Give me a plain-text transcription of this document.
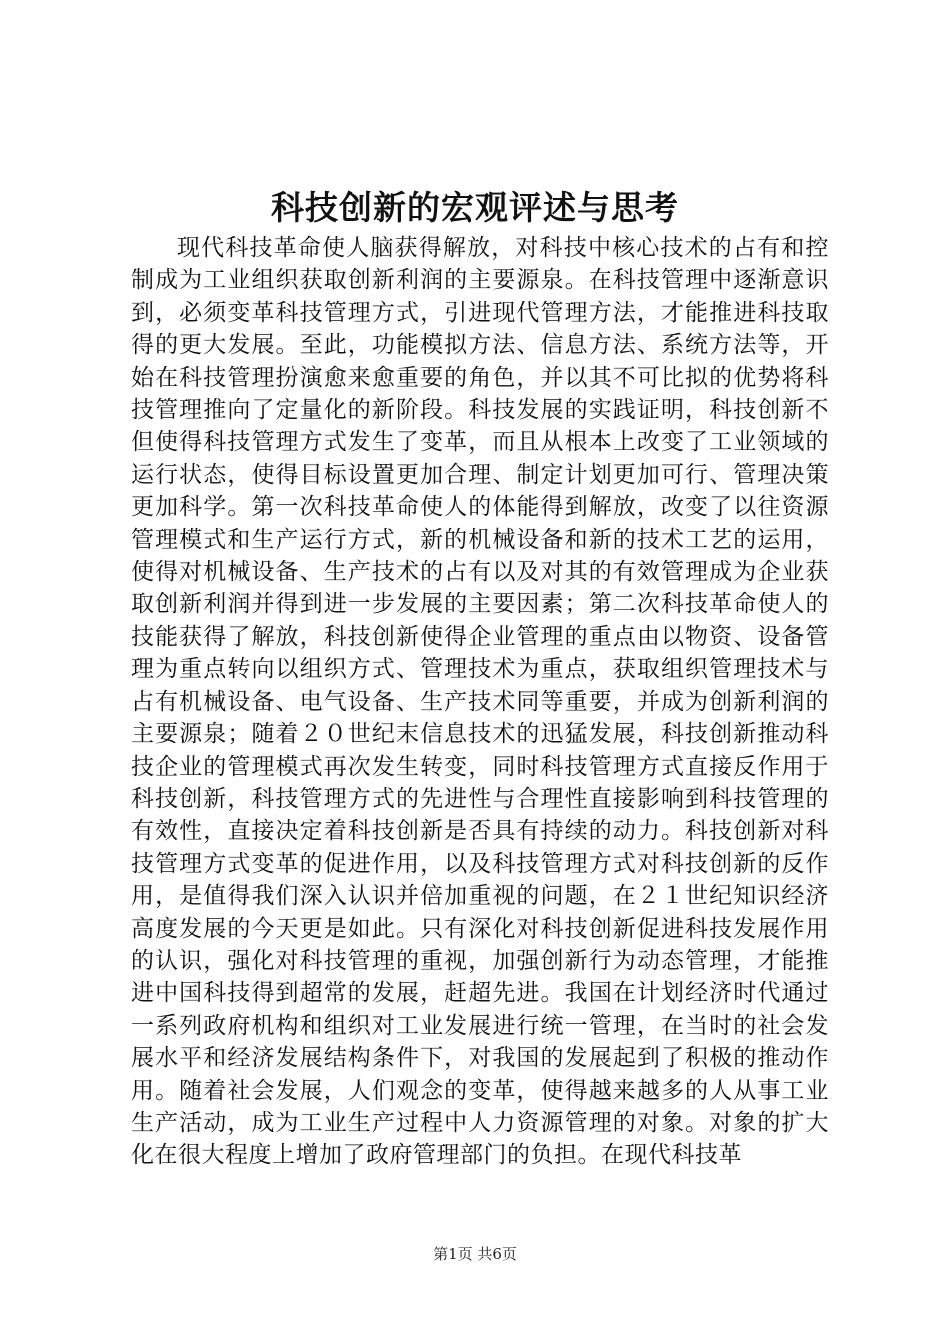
科技创新的宏观评述与思考

现代科技革命使人脑获得解放，对科技中核心技术的占有和控制成为工业组织获取创新利润的主要源泉。在科技管理中逐渐意识到，必须变革科技管理方式，引进现代管理方法，才能推进科技取得的更大发展。至此，功能模拟方法、信息方法、系统方法等，开始在科技管理扮演愈来愈重要的角色，并以其不可比拟的优势将科技管理推向了定量化的新阶段。科技发展的实践证明，科技创新不但使得科技管理方式发生了变革，而且从根本上改变了工业领域的运行状态，使得目标设置更加合理、制定计划更加可行、管理决策更加科学。第一次科技革命使人的体能得到解放，改变了以往资源管理模式和生产运行方式，新的机械设备和新的技术工艺的运用，使得对机械设备、生产技术的占有以及对其的有效管理成为企业获取创新利润并得到进一步发展的主要因素；第二次科技革命使人的技能获得了解放，科技创新使得企业管理的重点由以物资、设备管理为重点转向以组织方式、管理技术为重点，获取组织管理技术与占有机械设备、电气设备、生产技术同等重要，并成为创新利润的主要源泉；随着２０世纪末信息技术的迅猛发展，科技创新推动科技企业的管理模式再次发生转变，同时科技管理方式直接反作用于科技创新，科技管理方式的先进性与合理性直接影响到科技管理的有效性，直接决定着科技创新是否具有持续的动力。科技创新对科技管理方式变革的促进作用，以及科技管理方式对科技创新的反作用，是值得我们深入认识并倍加重视的问题，在２１世纪知识经济高度发展的今天更是如此。只有深化对科技创新促进科技发展作用的认识，强化对科技管理的重视，加强创新行为动态管理，才能推进中国科技得到超常的发展，赶超先进。我国在计划经济时代通过一系列政府机构和组织对工业发展进行统一管理，在当时的社会发展水平和经济发展结构条件下，对我国的发展起到了积极的推动作用。随着社会发展，人们观念的变革，使得越来越多的人从事工业生产活动，成为工业生产过程中人力资源管理的对象。对象的扩大化在很大程度上增加了政府管理部门的负担。在现代科技革

第1页 共6页
